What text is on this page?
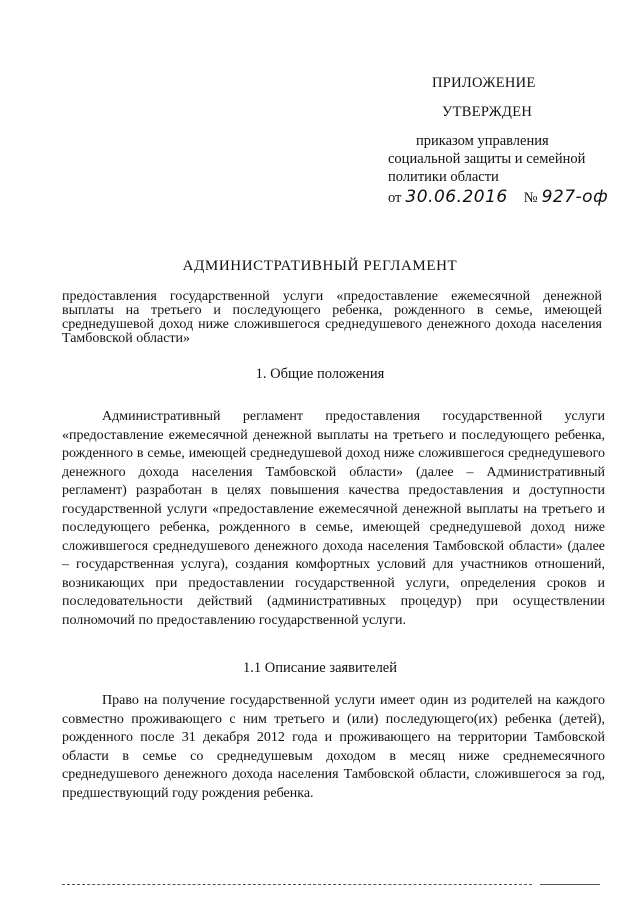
ПРИЛОЖЕНИЕ
УТВЕРЖДЕН
приказом управления
социальной защиты и семейной
политики области
от 30.06.2016 № 927-оф
АДМИНИСТРАТИВНЫЙ РЕГЛАМЕНТ
предоставления государственной услуги «предоставление ежемесячной денежной выплаты на третьего и последующего ребенка, рожденного в семье, имеющей среднедушевой доход ниже сложившегося среднедушевого денежного дохода населения Тамбовской области»
1. Общие положения
Административный регламент предоставления государственной услуги «предоставление ежемесячной денежной выплаты на третьего и последующего ребенка, рожденного в семье, имеющей среднедушевой доход ниже сложившегося среднедушевого денежного дохода населения Тамбовской области» (далее – Административный регламент) разработан в целях повышения качества предоставления и доступности государственной услуги «предоставление ежемесячной денежной выплаты на третьего и последующего ребенка, рожденного в семье, имеющей среднедушевой доход ниже сложившегося среднедушевого денежного дохода населения Тамбовской области» (далее – государственная услуга), создания комфортных условий для участников отношений, возникающих при предоставлении государственной услуги, определения сроков и последовательности действий (административных процедур) при осуществлении полномочий по предоставлению государственной услуги.
1.1 Описание заявителей
Право на получение государственной услуги имеет один из родителей на каждого совместно проживающего с ним третьего и (или) последующего(их) ребенка (детей), рожденного после 31 декабря 2012 года и проживающего на территории Тамбовской области в семье со среднедушевым доходом в месяц ниже среднемесячного среднедушевого денежного дохода населения Тамбовской области, сложившегося за год, предшествующий году рождения ребенка.
